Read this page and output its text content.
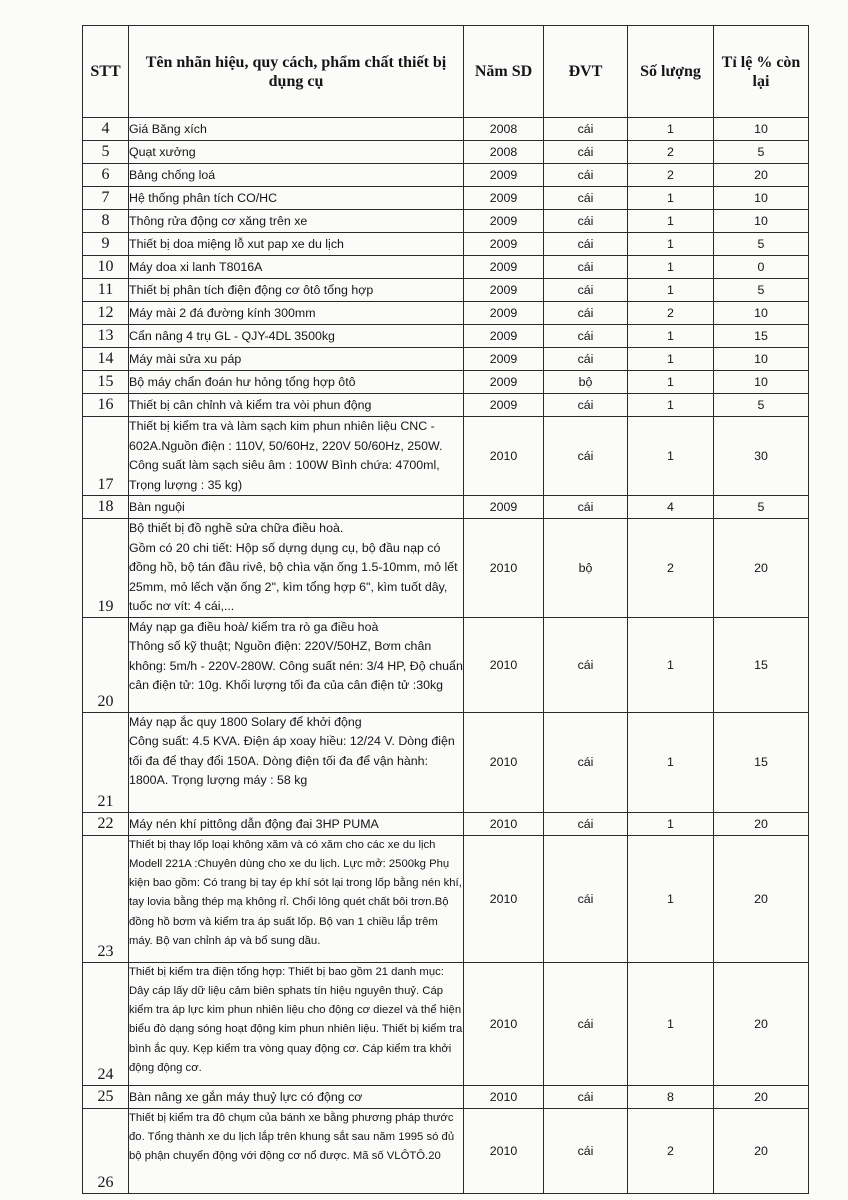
STT	Tên nhãn hiệu, quy cách, phẩm chất thiết bị dụng cụ	Năm SD	ĐVT	Số lượng	Tỉ lệ % còn lại
4	Giá Băng xích	2008	cái	1	10
5	Quạt xưởng	2008	cái	2	5
6	Bảng chống loá	2009	cái	2	20
7	Hệ thống phân tích CO/HC	2009	cái	1	10
8	Thông rửa động cơ xăng trên xe	2009	cái	1	10
9	Thiết bị doa miệng lỗ xut pap xe du lịch	2009	cái	1	5
10	Máy doa xi lanh T8016A	2009	cái	1	0
11	Thiết bị phân tích điện động cơ ôtô tổng hợp	2009	cái	1	5
12	Máy mài 2 đá đường kính 300mm	2009	cái	2	10
13	Cẩn nâng 4 trụ GL - QJY-4DL 3500kg	2009	cái	1	15
14	Máy mài sửa xu páp	2009	cái	1	10
15	Bộ máy chẩn đoán hư hỏng tổng hợp ôtô	2009	bộ	1	10
16	Thiết bị cân chỉnh và kiểm tra vòi phun động	2009	cái	1	5
17	Thiết bị kiểm tra và làm sạch kim phun nhiên liệu CNC - 602A.Nguồn điện : 110V, 50/60Hz, 220V 50/60Hz, 250W. Công suất làm sạch siêu âm : 100W Bình chứa: 4700ml, Trọng lượng : 35 kg)	2010	cái	1	30
18	Bàn nguội	2009	cái	4	5
19	Bộ thiết bị đồ nghề sửa chữa điều hoà.
Gồm có 20 chi tiết: Hộp số dựng dụng cụ, bộ đầu nạp có đồng hồ, bộ tán đầu rivê, bộ chìa vặn ống 1.5-10mm, mỏ lết 25mm, mỏ lếch vặn ống 2", kìm tổng hợp 6", kìm tuốt dây, tuốc nơ vít: 4 cái,...	2010	bộ	2	20
20	Máy nạp ga điều hoà/ kiểm tra rò ga điều hoà
Thông số kỹ thuật; Nguồn điện: 220V/50HZ, Bơm chân không: 5m/h - 220V-280W. Công suất nén: 3/4 HP, Độ chuẩn cân điện tử: 10g. Khối lượng tối đa của cân điện tử :30kg	2010	cái	1	15
21	Máy nạp ắc quy 1800 Solary để khởi động
Công suất: 4.5 KVA. Điện áp xoay hiều: 12/24 V. Dòng điện tối đa để thay đổi 150A. Dòng điện tối đa để vận hành: 1800A. Trọng lượng máy : 58 kg	2010	cái	1	15
22	Máy nén khí pittông dẫn động đai 3HP PUMA	2010	cái	1	20
23	Thiết bị thay lốp loại không xăm và có xăm cho các xe du lịch Modell 221A :Chuyên dùng cho xe du lịch. Lực mở: 2500kg Phụ kiện bao gồm: Có trang bị tay ép khí sót lại trong lốp bằng nén khí, tay lovia bằng thép mạ không rỉ. Chổi lông quét chất bôi trơn.Bộ đồng hồ bơm và kiểm tra áp suất lốp. Bộ van 1 chiều lắp trêm máy. Bộ van chỉnh áp và bổ sung dầu.	2010	cái	1	20
24	Thiết bị kiểm tra điện tổng hợp: Thiết bị bao gồm 21 danh mục: Dây cáp lấy dữ liệu cảm biên sphats tín hiệu nguyên thuỷ. Cáp kiểm tra áp lực kim phun nhiên liệu cho động cơ diezel và thể hiện biểu đò dạng sóng hoạt động kim phun nhiên liệu. Thiết bị kiểm tra bình ắc quy. Kẹp kiểm tra vòng quay động cơ. Cáp kiểm tra khởi động động cơ.	2010	cái	1	20
25	Bàn nâng xe gắn máy thuỷ lực có động cơ	2010	cái	8	20
26	Thiết bị kiểm tra đô chụm của bánh xe bằng phương pháp thước đo. Tổng thành xe du lịch lắp trên khung sắt sau năm 1995 só đủ bộ phận chuyển động với động cơ nổ được. Mã số VLÔTÔ.20	2010	cái	2	20
